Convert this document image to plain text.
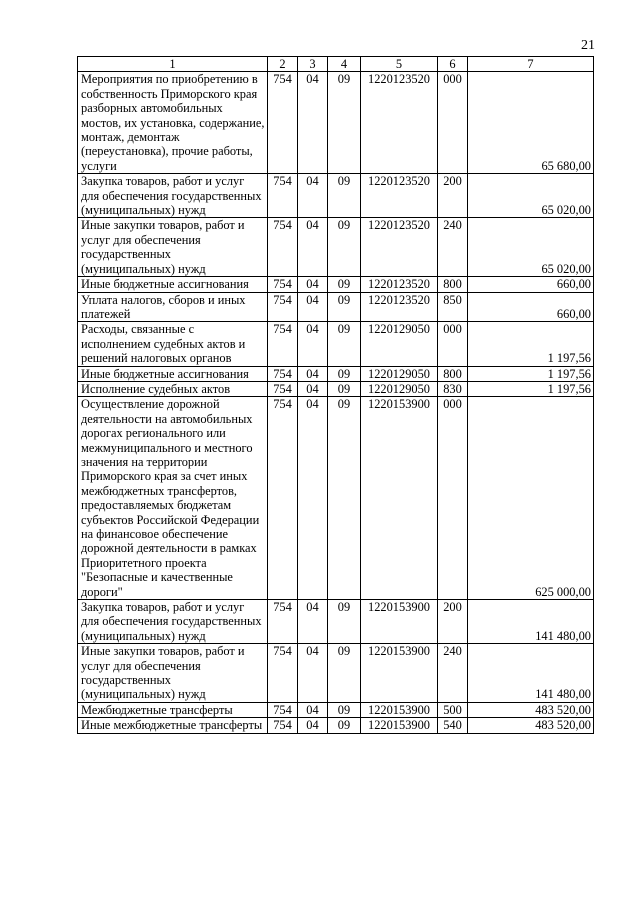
21
1	2	3	4	5	6	7
Мероприятия по приобретению в собственность Приморского края разборных автомобильных мостов, их установка, содержание, монтаж, демонтаж (переустановка), прочие работы, услуги	754	04	09	1220123520	000	65 680,00
Закупка товаров, работ и услуг для обеспечения государственных (муниципальных) нужд	754	04	09	1220123520	200	65 020,00
Иные закупки товаров, работ и услуг для обеспечения государственных (муниципальных) нужд	754	04	09	1220123520	240	65 020,00
Иные бюджетные ассигнования	754	04	09	1220123520	800	660,00
Уплата налогов, сборов и иных платежей	754	04	09	1220123520	850	660,00
Расходы, связанные с исполнением судебных актов и решений налоговых органов	754	04	09	1220129050	000	1 197,56
Иные бюджетные ассигнования	754	04	09	1220129050	800	1 197,56
Исполнение судебных актов	754	04	09	1220129050	830	1 197,56
Осуществление дорожной деятельности на автомобильных дорогах регионального или межмуниципального и местного значения на территории Приморского края за счет иных межбюджетных трансфертов, предоставляемых бюджетам субъектов Российской Федерации на финансовое обеспечение дорожной деятельности в рамках Приоритетного проекта "Безопасные и качественные дороги"	754	04	09	1220153900	000	625 000,00
Закупка товаров, работ и услуг для обеспечения государственных (муниципальных) нужд	754	04	09	1220153900	200	141 480,00
Иные закупки товаров, работ и услуг для обеспечения государственных (муниципальных) нужд	754	04	09	1220153900	240	141 480,00
Межбюджетные трансферты	754	04	09	1220153900	500	483 520,00
Иные межбюджетные трансферты	754	04	09	1220153900	540	483 520,00
